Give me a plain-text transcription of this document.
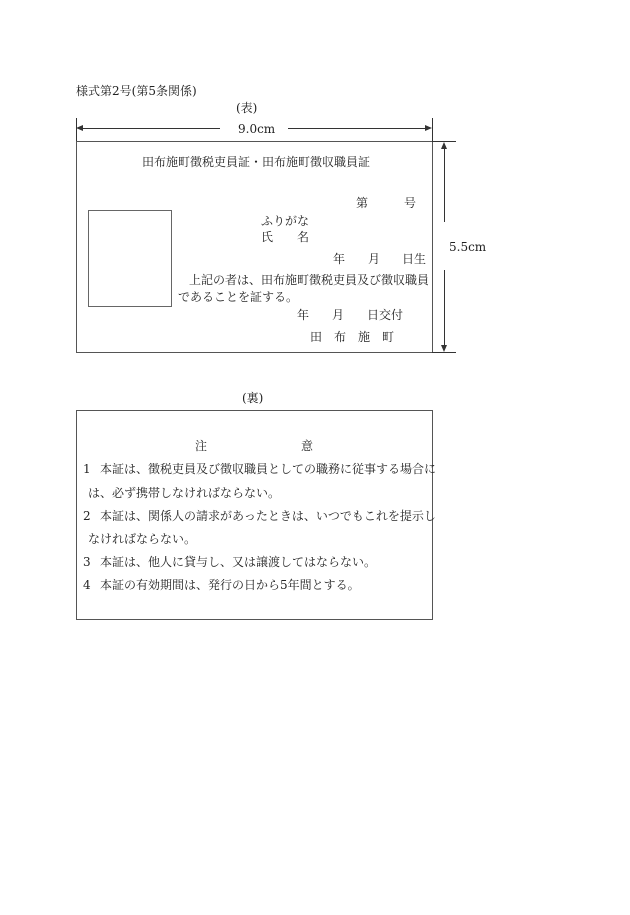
様式第2号(第5条関係)
(表)
9.0cm
5.5cm
田布施町徴税吏員証・田布施町徴収職員証
第	号
ふりがな
氏　　名
年 月 日生
上記の者は、田布施町徴税吏員及び徴収職員
であることを証する。
年 月 日交付
田　布　施　町
(裏)
注	意
1 本証は、徴税吏員及び徴収職員としての職務に従事する場合に
は、必ず携帯しなければならない。
2 本証は、関係人の請求があったときは、いつでもこれを提示し
なければならない。
3 本証は、他人に貸与し、又は譲渡してはならない。
4 本証の有効期間は、発行の日から5年間とする。
